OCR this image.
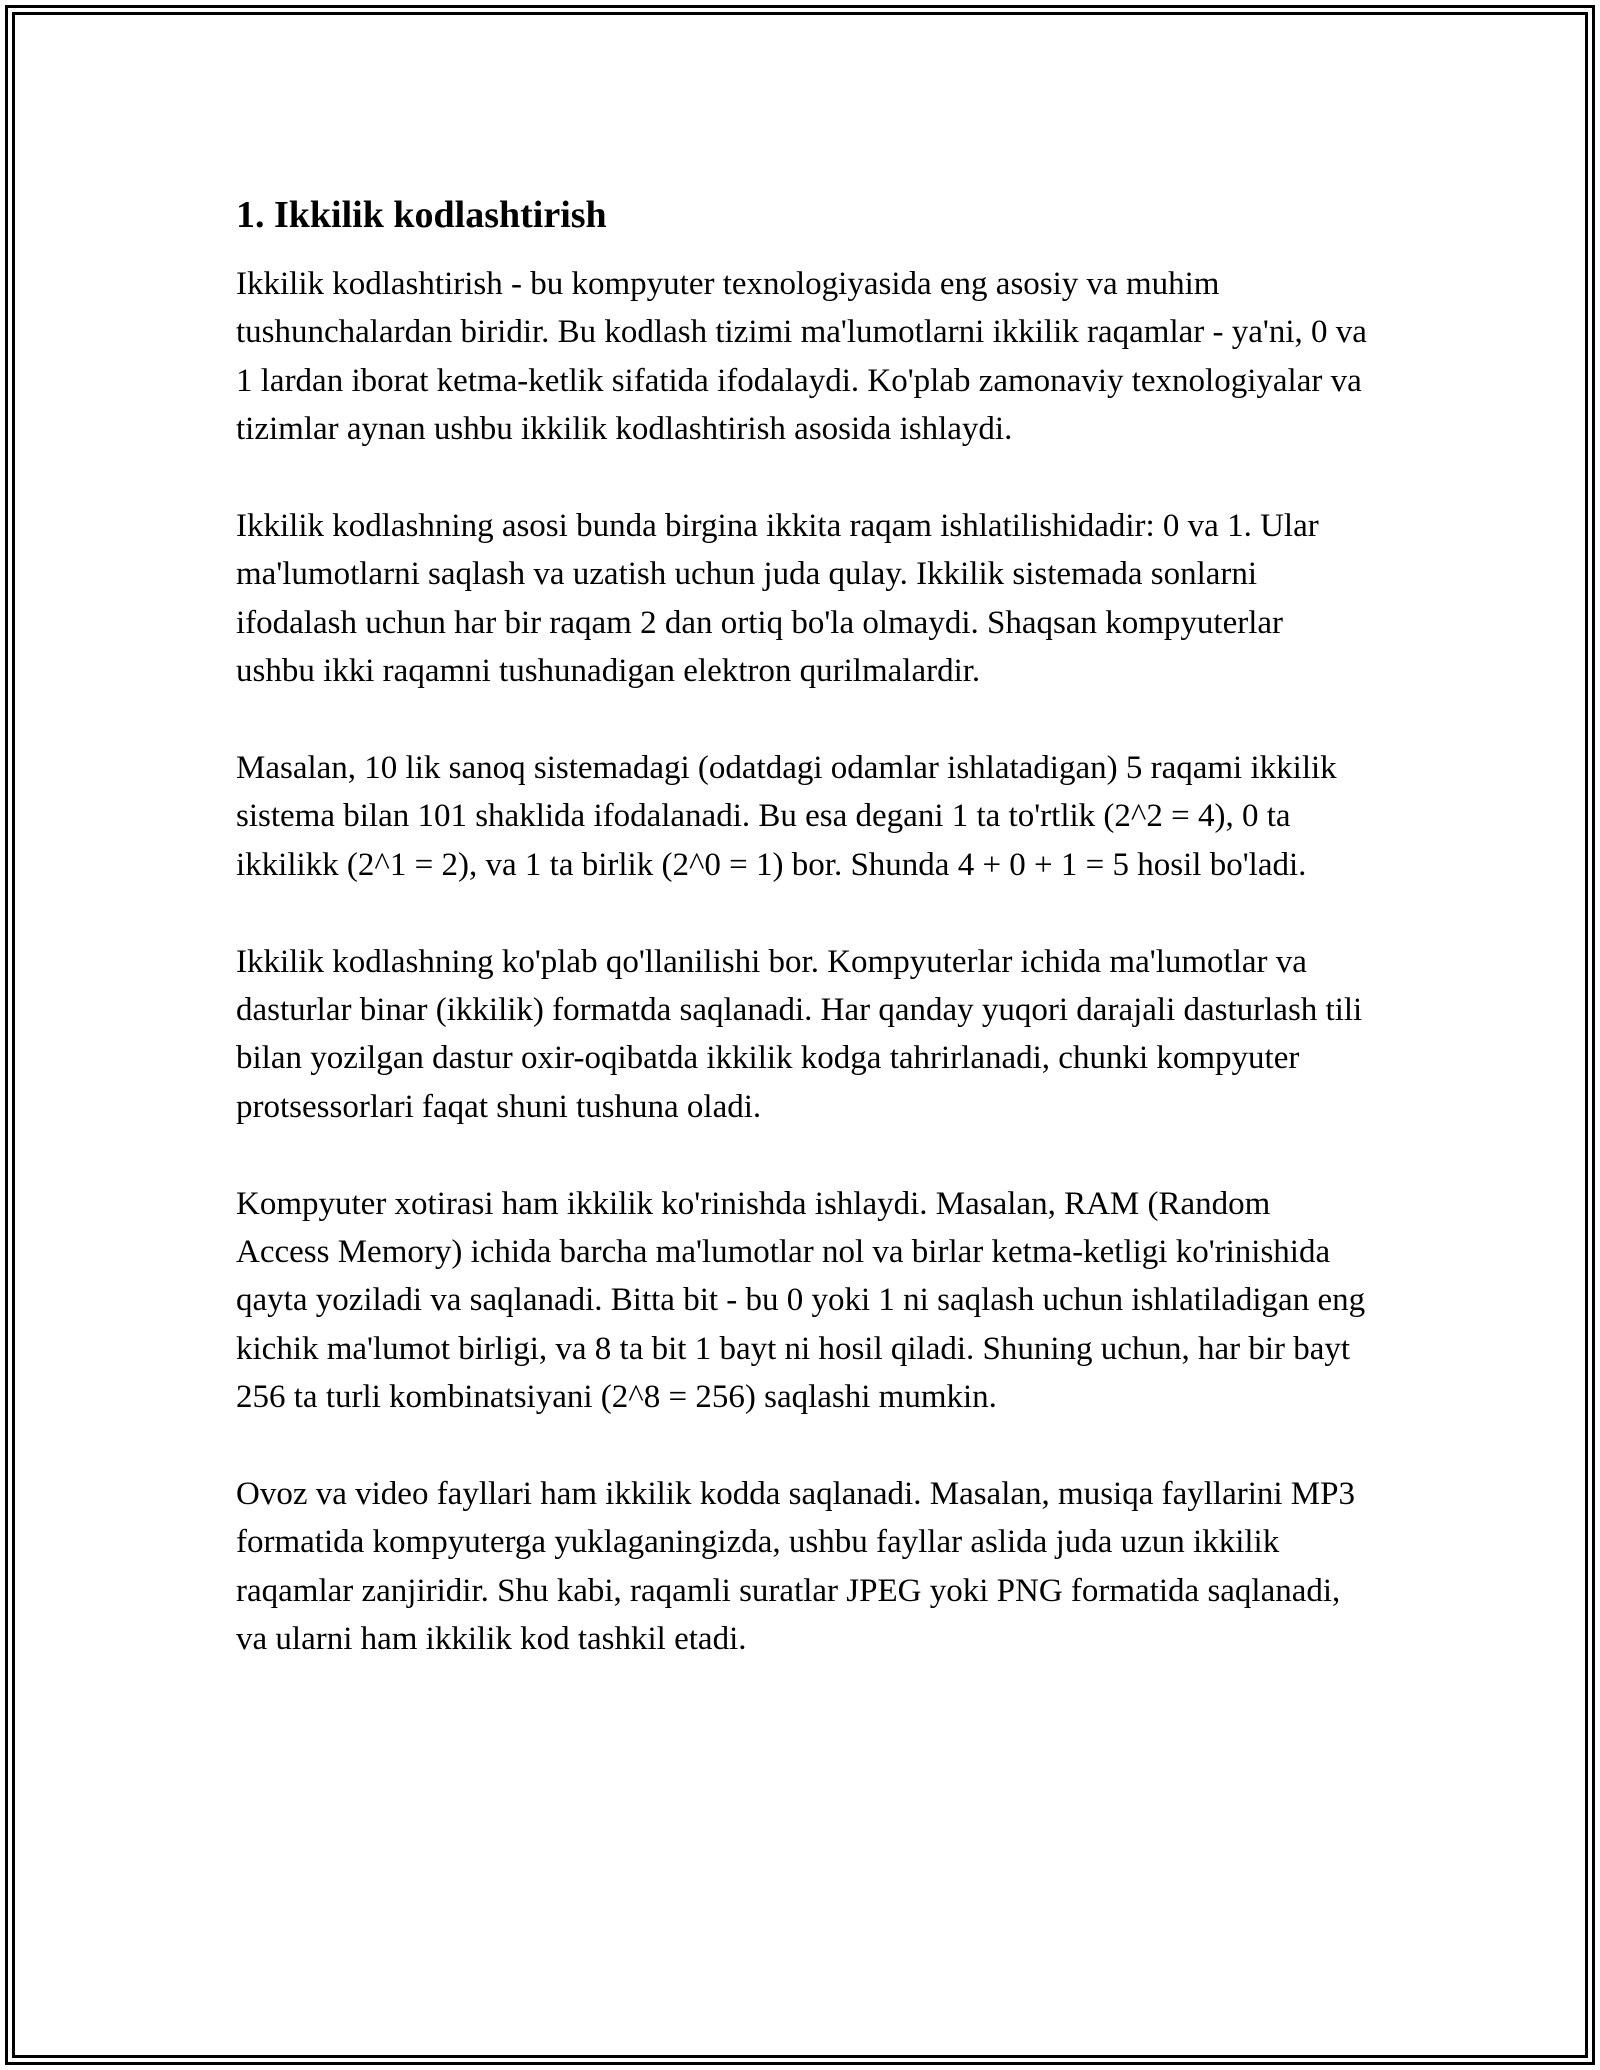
1. Ikkilik kodlashtirish

Ikkilik kodlashtirish - bu kompyuter texnologiyasida eng asosiy va muhim tushunchalardan biridir. Bu kodlash tizimi ma'lumotlarni ikkilik raqamlar - ya'ni, 0 va 1 lardan iborat ketma-ketlik sifatida ifodalaydi. Ko'plab zamonaviy texnologiyalar va tizimlar aynan ushbu ikkilik kodlashtirish asosida ishlaydi.

Ikkilik kodlashning asosi bunda birgina ikkita raqam ishlatilishidadir: 0 va 1. Ular ma'lumotlarni saqlash va uzatish uchun juda qulay. Ikkilik sistemada sonlarni ifodalash uchun har bir raqam 2 dan ortiq bo'la olmaydi. Shaqsan kompyuterlar ushbu ikki raqamni tushunadigan elektron qurilmalardir.

Masalan, 10 lik sanoq sistemadagi (odatdagi odamlar ishlatadigan) 5 raqami ikkilik sistema bilan 101 shaklida ifodalanadi. Bu esa degani 1 ta to'rtlik (2^2 = 4), 0 ta ikkilikk (2^1 = 2), va 1 ta birlik (2^0 = 1) bor. Shunda 4 + 0 + 1 = 5 hosil bo'ladi.

Ikkilik kodlashning ko'plab qo'llanilishi bor. Kompyuterlar ichida ma'lumotlar va dasturlar binar (ikkilik) formatda saqlanadi. Har qanday yuqori darajali dasturlash tili bilan yozilgan dastur oxir-oqibatda ikkilik kodga tahrirlanadi, chunki kompyuter protsessorlari faqat shuni tushuna oladi.

Kompyuter xotirasi ham ikkilik ko'rinishda ishlaydi. Masalan, RAM (Random Access Memory) ichida barcha ma'lumotlar nol va birlar ketma-ketligi ko'rinishida qayta yoziladi va saqlanadi. Bitta bit - bu 0 yoki 1 ni saqlash uchun ishlatiladigan eng kichik ma'lumot birligi, va 8 ta bit 1 bayt ni hosil qiladi. Shuning uchun, har bir bayt 256 ta turli kombinatsiyani (2^8 = 256) saqlashi mumkin.

Ovoz va video fayllari ham ikkilik kodda saqlanadi. Masalan, musiqa fayllarini MP3 formatida kompyuterga yuklaganingizda, ushbu fayllar aslida juda uzun ikkilik raqamlar zanjiridir. Shu kabi, raqamli suratlar JPEG yoki PNG formatida saqlanadi, va ularni ham ikkilik kod tashkil etadi.
